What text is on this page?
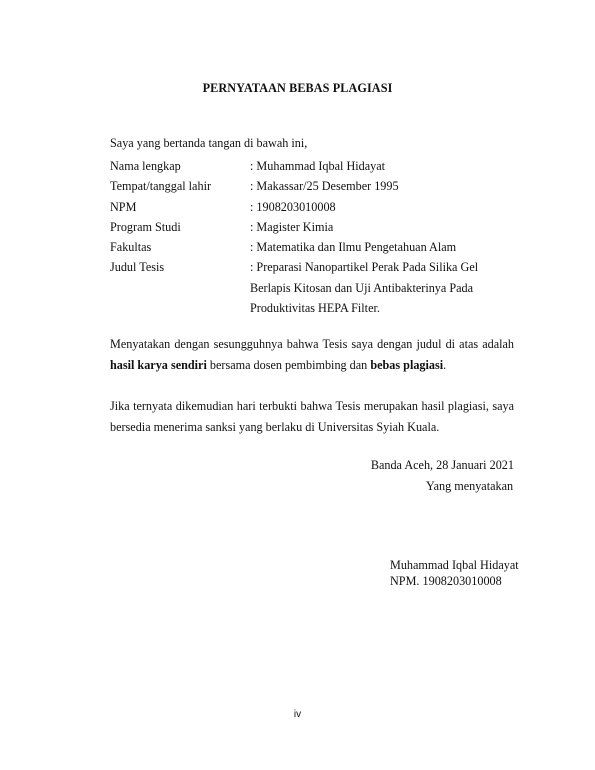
PERNYATAAN BEBAS PLAGIASI
Saya yang bertanda tangan di bawah ini,
Nama lengkap	: Muhammad Iqbal Hidayat
Tempat/tanggal lahir	: Makassar/25 Desember 1995
NPM	: 1908203010008
Program Studi	: Magister Kimia
Fakultas	: Matematika dan Ilmu Pengetahuan Alam
Judul Tesis	: Preparasi Nanopartikel Perak Pada Silika Gel
Berlapis Kitosan dan Uji Antibakterinya Pada
Produktivitas HEPA Filter.
Menyatakan dengan sesungguhnya bahwa Tesis saya dengan judul di atas adalah hasil karya sendiri bersama dosen pembimbing dan bebas plagiasi.
Jika ternyata dikemudian hari terbukti bahwa Tesis merupakan hasil plagiasi, saya bersedia menerima sanksi yang berlaku di Universitas Syiah Kuala.
Banda Aceh, 28 Januari 2021
Yang menyatakan
Muhammad Iqbal Hidayat
NPM. 1908203010008
iv
